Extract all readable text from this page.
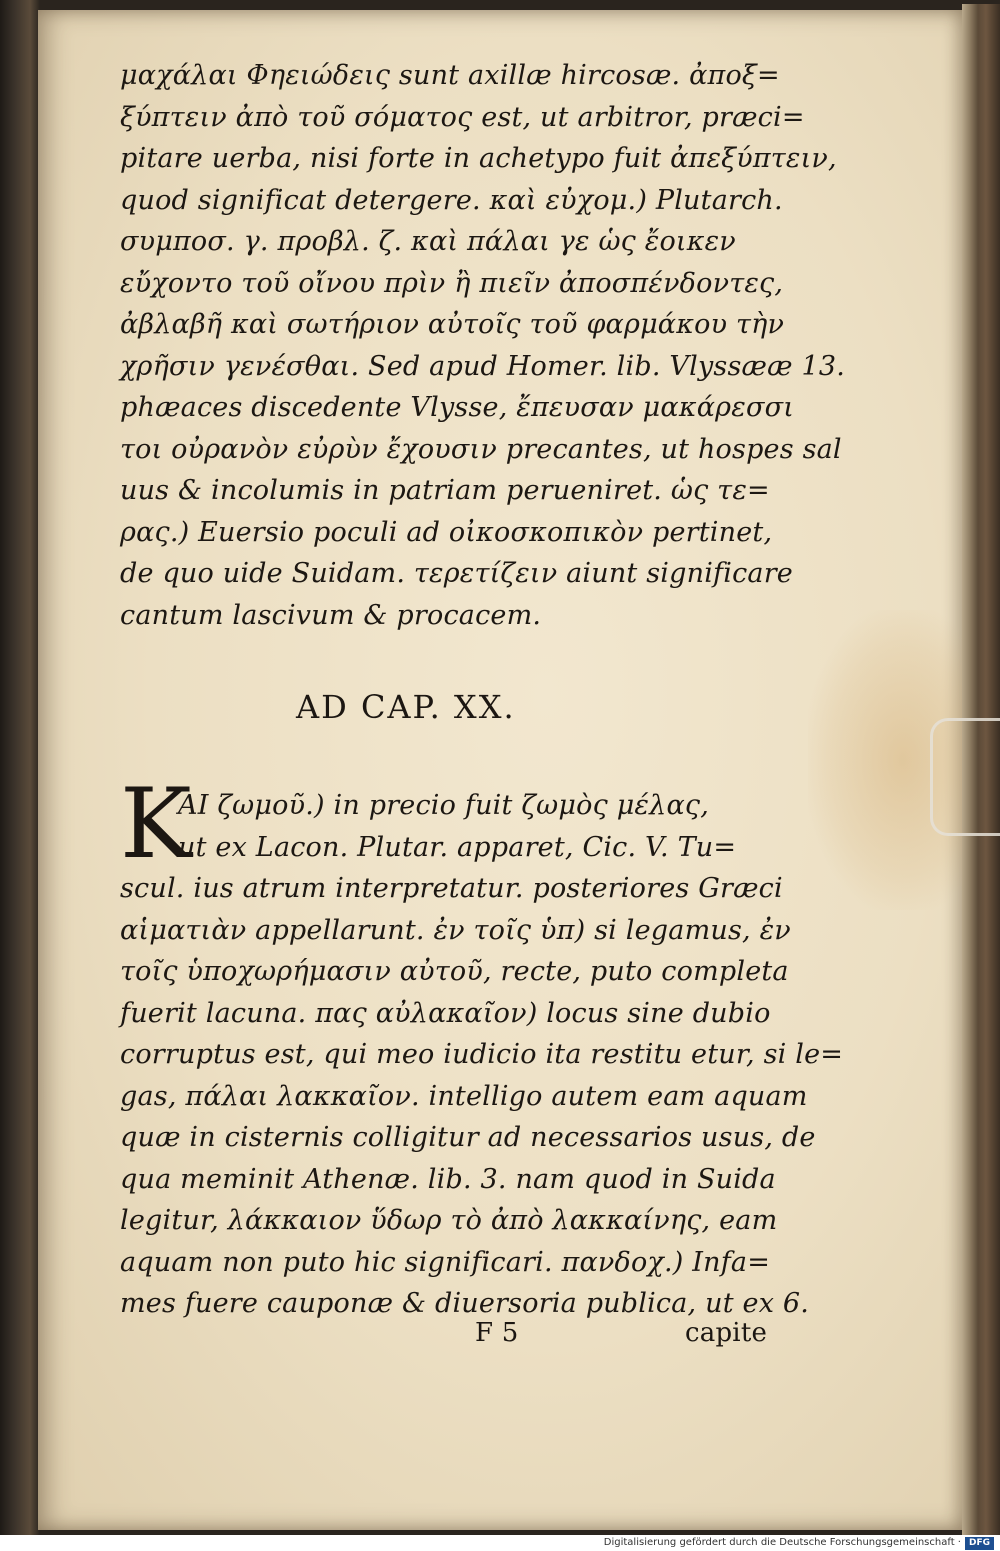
μαχάλαι Φηειώδεις sunt axillæ hircosæ. ἀποξ=
ξύπτειν ἀπὸ τοῦ σόματος est, ut arbitror, præci=
pitare uerba, nisi forte in achetypo fuit ἀπεξύπτειν,
quod significat detergere. καὶ εὐχομ.) Plutarch.
συμποσ. γ. προβλ. ζ. καὶ πάλαι γε ὡς ἔοικεν
εὔχοντο τοῦ οἴνου πρὶν ἢ πιεῖν ἀποσπένδοντες,
ἀβλαβῆ καὶ σωτήριον αὐτοῖς τοῦ φαρμάκου τὴν
χρῆσιν γενέσθαι. Sed apud Homer. lib. Vlyssææ 13.
phæaces discedente Vlysse, ἔπευσαν μακάρεσσι
τοι οὐρανὸν εὐρὺν ἔχουσιν precantes, ut hospes sal
uus & incolumis in patriam perueniret. ὡς τε=
ρας.) Euersio poculi ad οἰκοσκοπικὸν pertinet,
de quo uide Suidam. τερετίζειν aiunt significare
cantum lascivum & procacem.
AD CAP. XX.
K
AI ζωμοῦ.) in precio fuit ζωμὸς μέλας,
ut ex Lacon. Plutar. apparet, Cic. V. Tu=
scul. ius atrum interpretatur. posteriores Græci
αἱματιὰν appellarunt. ἐν τοῖς ὑπ) si legamus, ἐν
τοῖς ὑποχωρήμασιν αὐτοῦ, recte, puto completa
fuerit lacuna. πας αὐλακαῖον) locus sine dubio
corruptus est, qui meo iudicio ita restitu etur, si le=
gas, πάλαι λακκαῖον. intelligo autem eam aquam
quæ in cisternis colligitur ad necessarios usus, de
qua meminit Athenæ. lib. 3. nam quod in Suida
legitur, λάκκαιον ὕδωρ τὸ ἀπὸ λακκαίνης, eam
aquam non puto hic significari. πανδοχ.) Infa=
mes fuere cauponæ & diuersoria publica, ut ex 6.
F 5	capite
Digitalisierung gefördert durch die Deutsche Forschungsgemeinschaft · DFG
